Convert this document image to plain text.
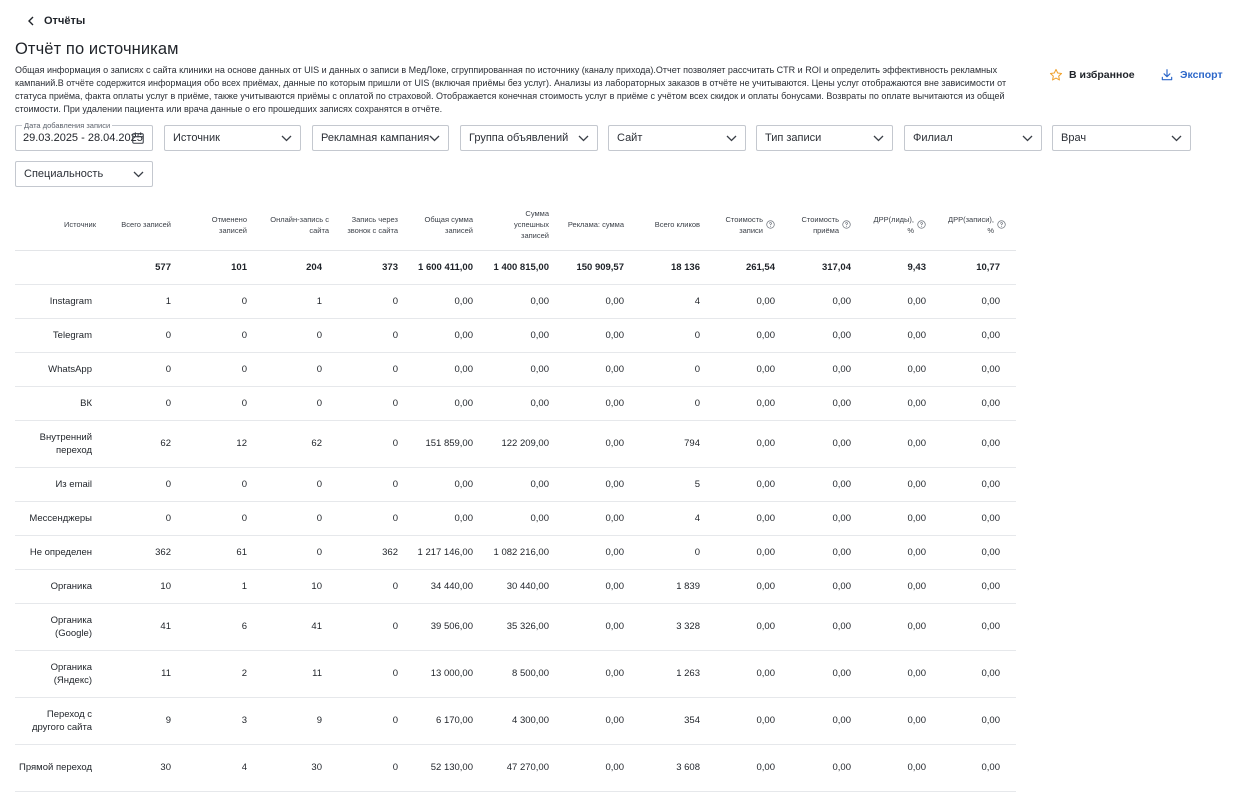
Отчёты
Отчёт по источникам
Общая информация о записях с сайта клиники на основе данных от UIS и данных о записи в МедЛоке, сгруппированная по источнику (каналу прихода).Отчет позволяет рассчитать CTR и ROI и определить эффективность рекламных кампаний.В отчёте содержится информация обо всех приёмах, данные по которым пришли от UIS (включая приёмы без услуг). Анализы из лабораторных заказов в отчёте не учитываются. Цены услуг отображаются вне зависимости от статуса приёма, факта оплаты услуг в приёме, также учитываются приёмы с оплатой по страховой. Отображается конечная стоимость услуг в приёме с учётом всех скидок и оплаты бонусами. Возвраты по оплате вычитаются из общей стоимости. При удалении пациента или врача данные о его прошедших записях сохранятся в отчёте.
В избранное	Экспорт
Дата добавления записи
29.03.2025 - 28.04.2025	Источник	Рекламная кампания	Группа объявлений	Сайт	Тип записи	Филиал	Врач
Специальность
Источник	Всего записей	Отменено записей	Онлайн-запись с сайта	Запись через звонок с сайта	Общая сумма записей	Сумма успешных записей	Реклама: сумма	Всего кликов	Стоимость записи	Стоимость приёма	ДРР(лиды), %	ДРР(записи), %

	577	101	204	373	1 600 411,00	1 400 815,00	150 909,57	18 136	261,54	317,04	9,43	10,77
Instagram	1	0	1	0	0,00	0,00	0,00	4	0,00	0,00	0,00	0,00
Telegram	0	0	0	0	0,00	0,00	0,00	0	0,00	0,00	0,00	0,00
WhatsApp	0	0	0	0	0,00	0,00	0,00	0	0,00	0,00	0,00	0,00
ВК	0	0	0	0	0,00	0,00	0,00	0	0,00	0,00	0,00	0,00
Внутренний переход	62	12	62	0	151 859,00	122 209,00	0,00	794	0,00	0,00	0,00	0,00
Из email	0	0	0	0	0,00	0,00	0,00	5	0,00	0,00	0,00	0,00
Мессенджеры	0	0	0	0	0,00	0,00	0,00	4	0,00	0,00	0,00	0,00
Не определен	362	61	0	362	1 217 146,00	1 082 216,00	0,00	0	0,00	0,00	0,00	0,00
Органика	10	1	10	0	34 440,00	30 440,00	0,00	1 839	0,00	0,00	0,00	0,00
Органика (Google)	41	6	41	0	39 506,00	35 326,00	0,00	3 328	0,00	0,00	0,00	0,00
Органика (Яндекс)	11	2	11	0	13 000,00	8 500,00	0,00	1 263	0,00	0,00	0,00	0,00
Переход с другого сайта	9	3	9	0	6 170,00	4 300,00	0,00	354	0,00	0,00	0,00	0,00
Прямой переход	30	4	30	0	52 130,00	47 270,00	0,00	3 608	0,00	0,00	0,00	0,00
